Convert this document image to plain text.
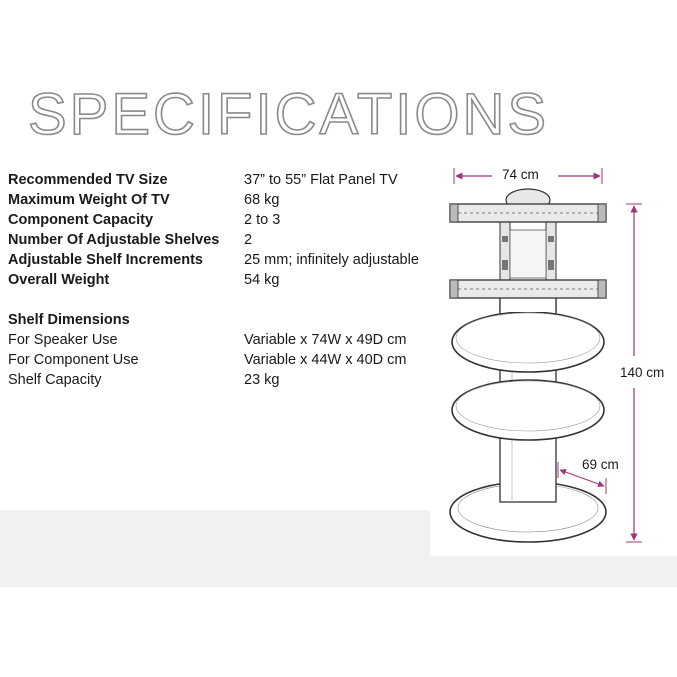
SPECIFICATIONS
Recommended TV Size	37” to 55” Flat Panel TV
Maximum Weight Of TV	68 kg
Component Capacity	2 to 3
Number Of Adjustable Shelves 2
Adjustable Shelf Increments	25 mm; infinitely adjustable
Overall Weight	54 kg
Shelf Dimensions
For Speaker Use	Variable x 74W x 49D cm
For Component Use	Variable x 44W x 40D cm
Shelf Capacity	23 kg
74 cm
140 cm
69 cm
